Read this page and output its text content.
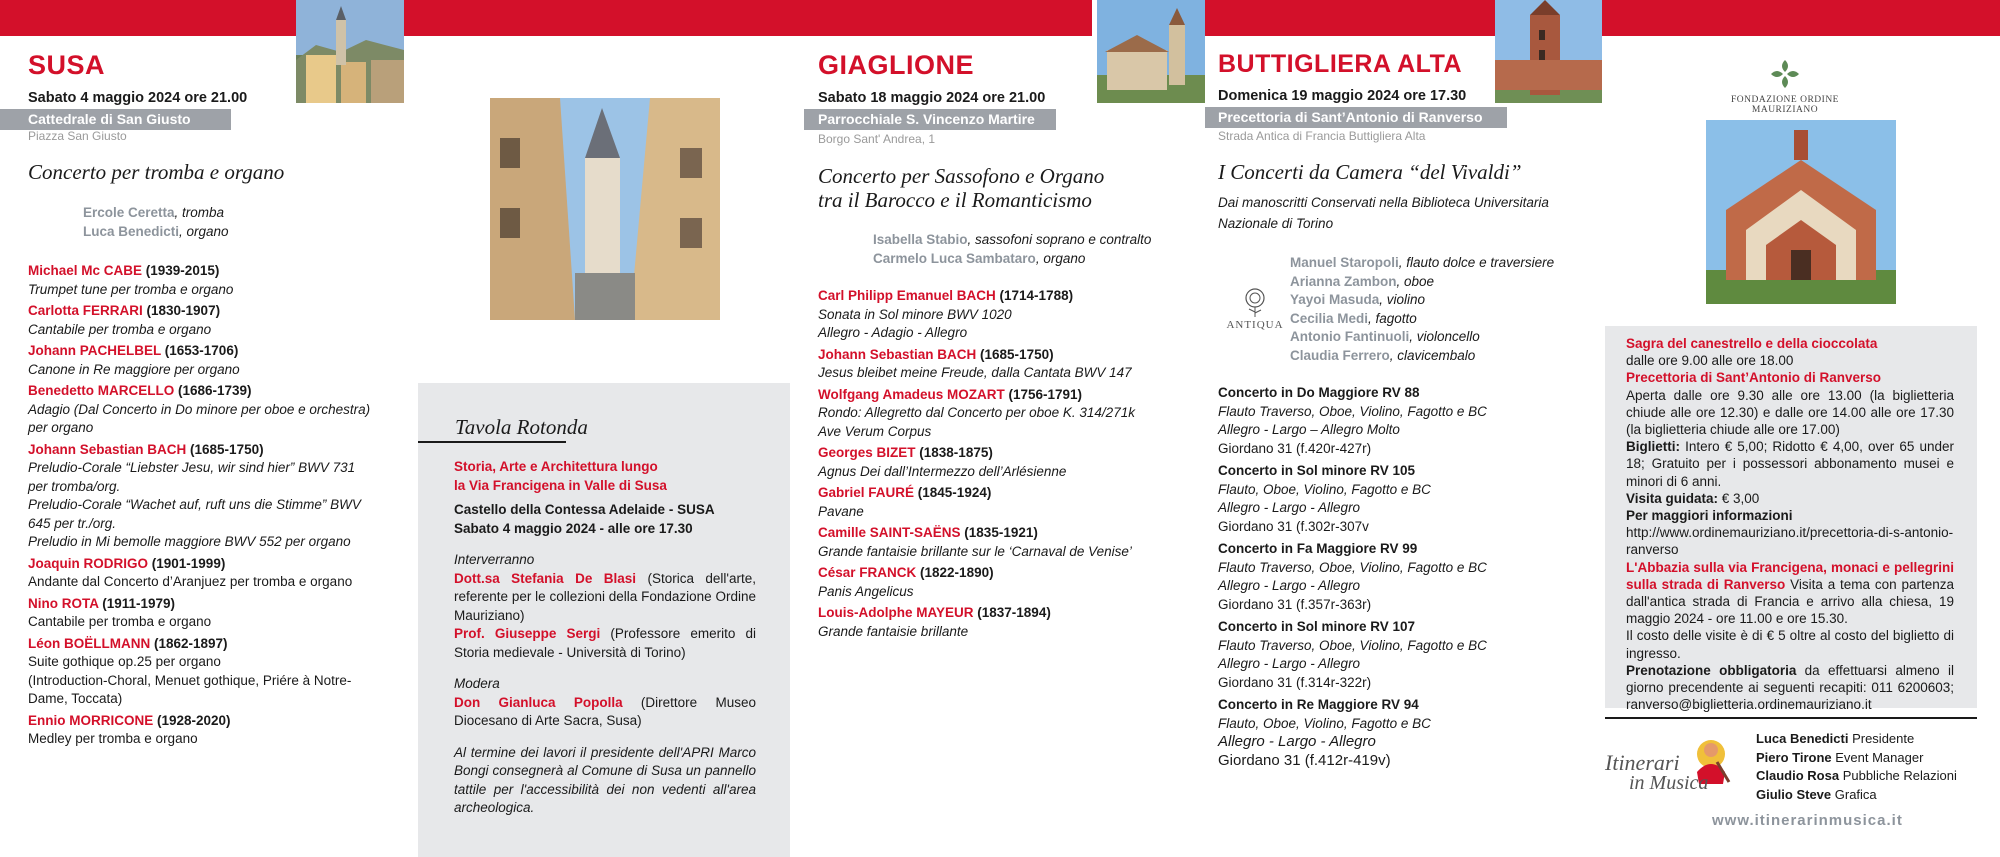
SUSA
Sabato 4 maggio 2024 ore 21.00
Cattedrale di San Giusto
Piazza San Giusto
Concerto per tromba e organo
Ercole Ceretta, tromba
Luca Benedicti, organo
Michael Mc CABE (1939-2015)
Trumpet tune per tromba e organo
Carlotta FERRARI (1830-1907)
Cantabile per tromba e organo
Johann PACHELBEL (1653-1706)
Canone in Re maggiore per organo
Benedetto MARCELLO (1686-1739)
Adagio (Dal Concerto in Do minore per oboe e orchestra)
per organo
Johann Sebastian BACH (1685-1750)
Preludio-Corale “Liebster Jesu, wir sind hier” BWV 731
per tromba/org.
Preludio-Corale “Wachet auf, ruft uns die Stimme” BWV
645 per tr./org.
Preludio in Mi bemolle maggiore BWV 552 per organo
Joaquin RODRIGO (1901-1999)
Andante dal Concerto d’Aranjuez per tromba e organo
Nino ROTA (1911-1979)
Cantabile per tromba e organo
Léon BOËLLMANN (1862-1897)
Suite gothique op.25 per organo
(Introduction-Choral, Menuet gothique, Priére à Notre-
Dame, Toccata)
Ennio MORRICONE (1928-2020)
Medley per tromba e organo
Tavola Rotonda
Storia, Arte e Architettura lungo
la Via Francigena in Valle di Susa
Castello della Contessa Adelaide - SUSA
Sabato 4 maggio 2024 - alle ore 17.30
Interverranno
Dott.sa Stefania De Blasi (Storica dell'arte, referente per le collezioni della Fondazione Ordine Mauriziano)
Prof. Giuseppe Sergi (Professore emerito di Storia medievale - Università di Torino)
Modera
Don Gianluca Popolla (Direttore Museo Diocesano di Arte Sacra, Susa)
Al termine dei lavori il presidente dell'APRI Marco Bongi consegnerà al Comune di Susa un pannello tattile per l'accessibilità dei non vedenti all'area archeologica.
GIAGLIONE
Sabato 18 maggio 2024 ore 21.00
Parrocchiale S. Vincenzo Martire
Borgo Sant' Andrea, 1
Concerto per Sassofono e Organo
tra il Barocco e il Romanticismo
Isabella Stabio, sassofoni soprano e contralto
Carmelo Luca Sambataro, organo
Carl Philipp Emanuel BACH (1714-1788)
Sonata in Sol minore BWV 1020
Allegro - Adagio - Allegro
Johann Sebastian BACH (1685-1750)
Jesus bleibet meine Freude, dalla Cantata BWV 147
Wolfgang Amadeus MOZART (1756-1791)
Rondo: Allegretto dal Concerto per oboe K. 314/271k
Ave Verum Corpus
Georges BIZET (1838-1875)
Agnus Dei dall’Intermezzo dell’Arlésienne
Gabriel FAURÉ (1845-1924)
Pavane
Camille SAINT-SAËNS (1835-1921)
Grande fantaisie brillante sur le ‘Carnaval de Venise’
César FRANCK (1822-1890)
Panis Angelicus
Louis-Adolphe MAYEUR (1837-1894)
Grande fantaisie brillante
BUTTIGLIERA ALTA
Domenica 19 maggio 2024 ore 17.30
Precettoria di Sant’Antonio di Ranverso
Strada Antica di Francia Buttigliera Alta
I Concerti da Camera “del Vivaldi”
Dai manoscritti Conservati nella Biblioteca Universitaria
Nazionale di Torino
ANTIQUA
Manuel Staropoli, flauto dolce e traversiere
Arianna Zambon, oboe
Yayoi Masuda, violino
Cecilia Medi, fagotto
Antonio Fantinuoli, violoncello
Claudia Ferrero, clavicembalo
Concerto in Do Maggiore RV 88
Flauto Traverso, Oboe, Violino, Fagotto e BC
Allegro - Largo – Allegro Molto
Giordano 31 (f.420r-427r)
Concerto in Sol minore RV 105
Flauto, Oboe, Violino, Fagotto e BC
Allegro - Largo - Allegro
Giordano 31 (f.302r-307v
Concerto in Fa Maggiore RV 99
Flauto Traverso, Oboe, Violino, Fagotto e BC
Allegro - Largo - Allegro
Giordano 31 (f.357r-363r)
Concerto in Sol minore RV 107
Flauto Traverso, Oboe, Violino, Fagotto e BC
Allegro - Largo - Allegro
Giordano 31 (f.314r-322r)
Concerto in Re Maggiore RV 94
Flauto, Oboe, Violino, Fagotto e BC
Allegro - Largo - Allegro
Giordano 31 (f.412r-419v)
FONDAZIONE ORDINE MAURIZIANO
Sagra del canestrello e della cioccolata
dalle ore 9.00 alle ore 18.00
Precettoria di Sant’Antonio di Ranverso
Aperta dalle ore 9.30 alle ore 13.00 (la biglietteria chiude alle ore 12.30) e dalle ore 14.00 alle ore 17.30 (la biglietteria chiude alle ore 17.00)
Biglietti: Intero € 5,00; Ridotto € 4,00, over 65 under 18; Gratuito per i possessori abbonamento musei e minori di 6 anni.
Visita guidata: € 3,00
Per maggiori informazioni
http://www.ordinemauriziano.it/precettoria-di-s-antonio-ranverso
L'Abbazia sulla via Francigena, monaci e pellegrini sulla strada di Ranverso Visita a tema con partenza dall'antica strada di Francia e arrivo alla chiesa, 19 maggio 2024 - ore 11.00 e ore 15.30.
Il costo delle visite è di € 5 oltre al costo del biglietto di ingresso.
Prenotazione obbligatoria da effettuarsi almeno il giorno precendente ai seguenti recapiti: 011 6200603; ranverso@biglietteria.ordinemauriziano.it
Itinerari
in Musica
Luca Benedicti Presidente
Piero Tirone Event Manager
Claudio Rosa Pubbliche Relazioni
Giulio Steve Grafica
www.itinerarinmusica.it
